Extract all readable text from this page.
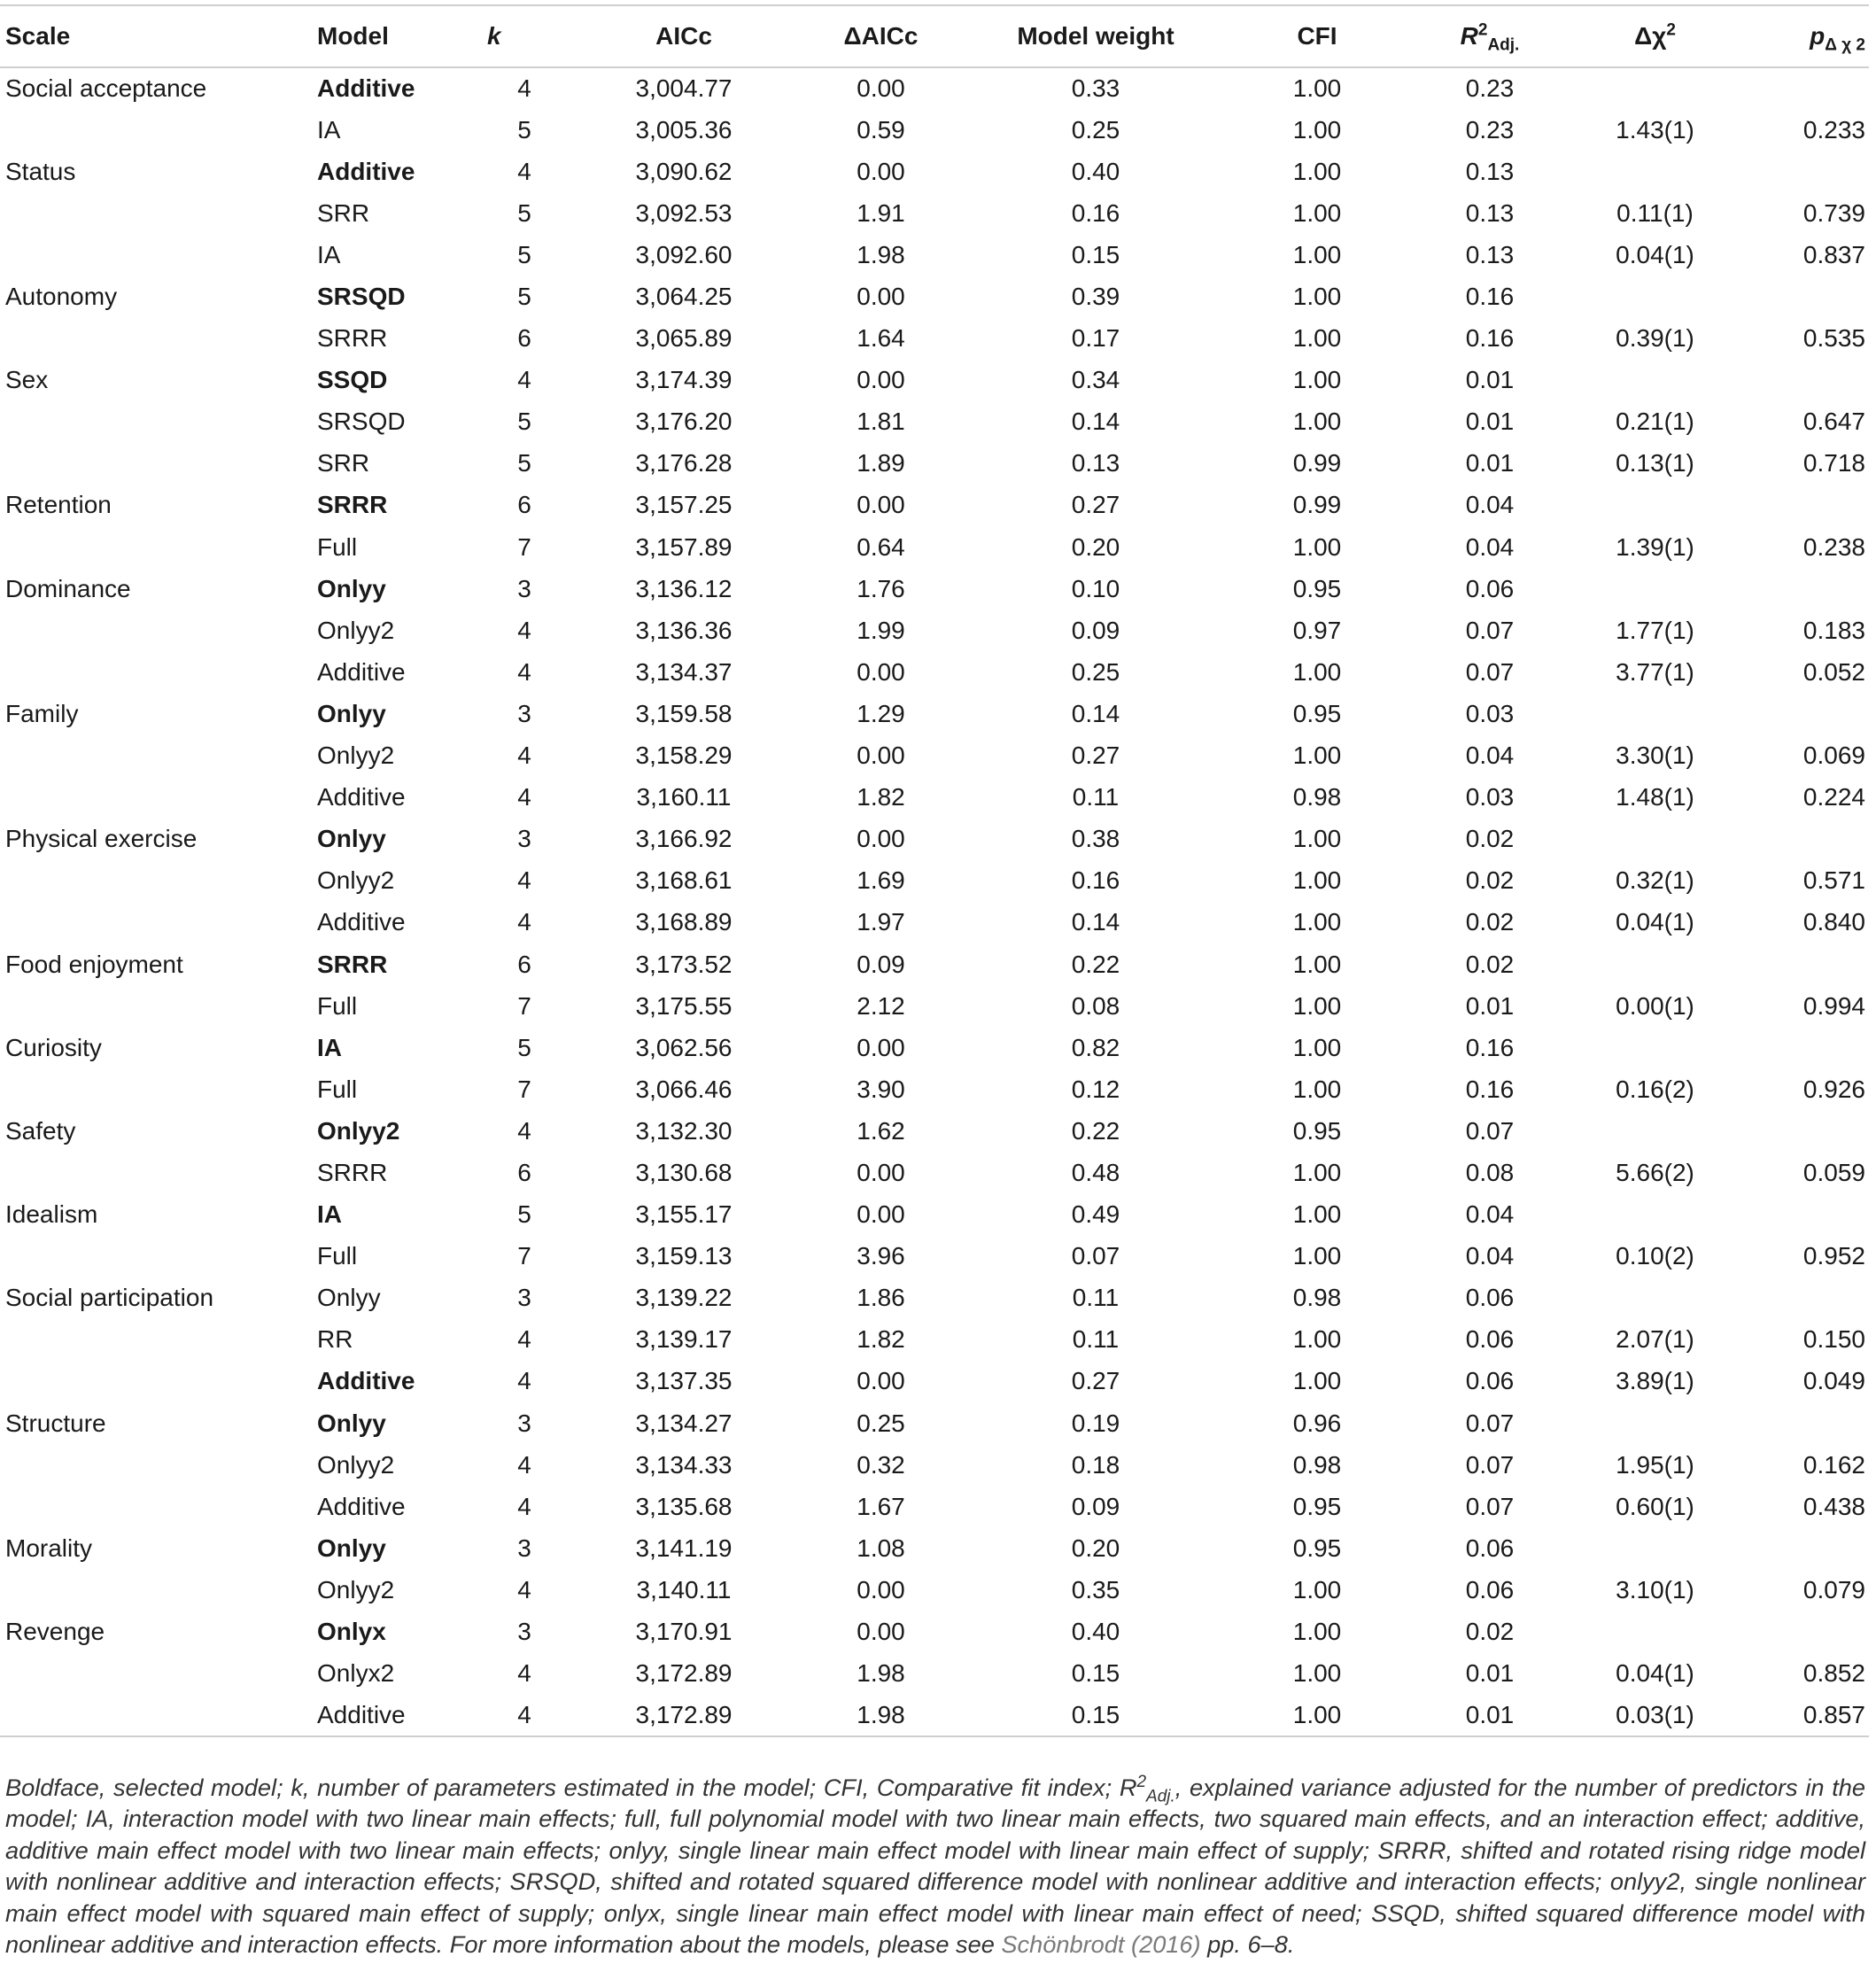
Scale	Model	k	AICc	ΔAICc	Model weight	CFI	$R^2_{Adj.}$	$\Delta\chi^2$	$p_{\Delta \chi 2}$
Social acceptance	Additive	4	3,004.77	0.00	0.33	1.00	0.23		
	IA	5	3,005.36	0.59	0.25	1.00	0.23	1.43(1)	0.233
Status	Additive	4	3,090.62	0.00	0.40	1.00	0.13		
	SRR	5	3,092.53	1.91	0.16	1.00	0.13	0.11(1)	0.739
	IA	5	3,092.60	1.98	0.15	1.00	0.13	0.04(1)	0.837
Autonomy	SRSQD	5	3,064.25	0.00	0.39	1.00	0.16		
	SRRR	6	3,065.89	1.64	0.17	1.00	0.16	0.39(1)	0.535
Sex	SSQD	4	3,174.39	0.00	0.34	1.00	0.01		
	SRSQD	5	3,176.20	1.81	0.14	1.00	0.01	0.21(1)	0.647
	SRR	5	3,176.28	1.89	0.13	0.99	0.01	0.13(1)	0.718
Retention	SRRR	6	3,157.25	0.00	0.27	0.99	0.04		
	Full	7	3,157.89	0.64	0.20	1.00	0.04	1.39(1)	0.238
Dominance	Onlyy	3	3,136.12	1.76	0.10	0.95	0.06		
	Onlyy2	4	3,136.36	1.99	0.09	0.97	0.07	1.77(1)	0.183
	Additive	4	3,134.37	0.00	0.25	1.00	0.07	3.77(1)	0.052
Family	Onlyy	3	3,159.58	1.29	0.14	0.95	0.03		
	Onlyy2	4	3,158.29	0.00	0.27	1.00	0.04	3.30(1)	0.069
	Additive	4	3,160.11	1.82	0.11	0.98	0.03	1.48(1)	0.224
Physical exercise	Onlyy	3	3,166.92	0.00	0.38	1.00	0.02		
	Onlyy2	4	3,168.61	1.69	0.16	1.00	0.02	0.32(1)	0.571
	Additive	4	3,168.89	1.97	0.14	1.00	0.02	0.04(1)	0.840
Food enjoyment	SRRR	6	3,173.52	0.09	0.22	1.00	0.02		
	Full	7	3,175.55	2.12	0.08	1.00	0.01	0.00(1)	0.994
Curiosity	IA	5	3,062.56	0.00	0.82	1.00	0.16		
	Full	7	3,066.46	3.90	0.12	1.00	0.16	0.16(2)	0.926
Safety	Onlyy2	4	3,132.30	1.62	0.22	0.95	0.07		
	SRRR	6	3,130.68	0.00	0.48	1.00	0.08	5.66(2)	0.059
Idealism	IA	5	3,155.17	0.00	0.49	1.00	0.04		
	Full	7	3,159.13	3.96	0.07	1.00	0.04	0.10(2)	0.952
Social participation	Onlyy	3	3,139.22	1.86	0.11	0.98	0.06		
	RR	4	3,139.17	1.82	0.11	1.00	0.06	2.07(1)	0.150
	Additive	4	3,137.35	0.00	0.27	1.00	0.06	3.89(1)	0.049
Structure	Onlyy	3	3,134.27	0.25	0.19	0.96	0.07		
	Onlyy2	4	3,134.33	0.32	0.18	0.98	0.07	1.95(1)	0.162
	Additive	4	3,135.68	1.67	0.09	0.95	0.07	0.60(1)	0.438
Morality	Onlyy	3	3,141.19	1.08	0.20	0.95	0.06		
	Onlyy2	4	3,140.11	0.00	0.35	1.00	0.06	3.10(1)	0.079
Revenge	Onlyx	3	3,170.91	0.00	0.40	1.00	0.02		
	Onlyx2	4	3,172.89	1.98	0.15	1.00	0.01	0.04(1)	0.852
	Additive	4	3,172.89	1.98	0.15	1.00	0.01	0.03(1)	0.857
Boldface, selected model; k, number of parameters estimated in the model; CFI, Comparative fit index; $R^2_{Adj.}$, explained variance adjusted for the number of predictors in the model; IA, interaction model with two linear main effects; full, full polynomial model with two linear main effects, two squared main effects, and an interaction effect; additive, additive main effect model with two linear main effects; onlyy, single linear main effect model with linear main effect of supply; SRRR, shifted and rotated rising ridge model with nonlinear additive and interaction effects; SRSQD, shifted and rotated squared difference model with nonlinear additive and interaction effects; onlyy2, single nonlinear main effect model with squared main effect of supply; onlyx, single linear main effect model with linear main effect of need; SSQD, shifted squared difference model with nonlinear additive and interaction effects. For more information about the models, please see Schönbrodt (2016) pp. 6–8.
